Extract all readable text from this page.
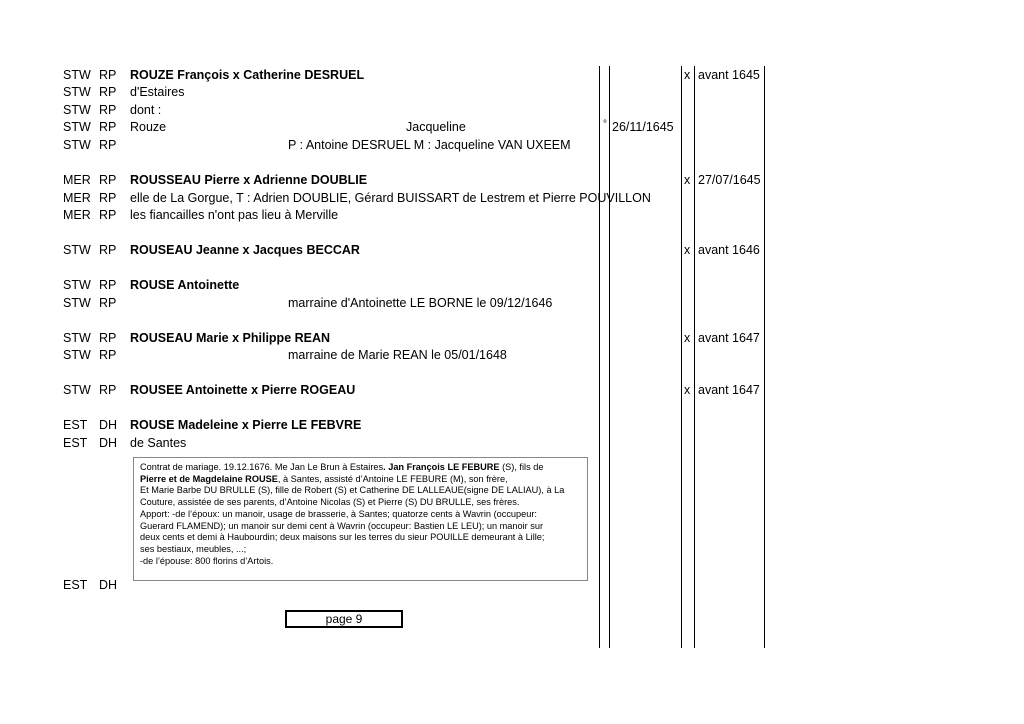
STW RP ROUZE François x Catherine DESRUEL	x avant 1645
STW RP d'Estaires
STW RP dont :
STW RP Rouze	Jacqueline	° 26/11/1645
STW RP	P : Antoine DESRUEL M : Jacqueline VAN UXEEM
MER RP ROUSSEAU Pierre x Adrienne DOUBLIE	x 27/07/1645
MER RP elle de La Gorgue, T : Adrien DOUBLIE, Gérard BUISSART de Lestrem et Pierre POUVILLON
MER RP les fiancailles n'ont pas lieu à Merville
STW RP ROUSEAU Jeanne x Jacques BECCAR	x avant 1646
STW RP ROUSE Antoinette
STW RP	marraine d'Antoinette LE BORNE le 09/12/1646
STW RP ROUSEAU Marie x Philippe REAN	x avant 1647
STW RP	marraine de Marie REAN le 05/01/1648
STW RP ROUSEE Antoinette x Pierre ROGEAU	x avant 1647
EST DH ROUSE Madeleine x Pierre LE FEBVRE
EST DH de Santes
Contrat de mariage. 19.12.1676. Me Jan Le Brun à Estaires. Jan François LE FEBURE (S), fils de
Pierre et de Magdelaine ROUSE, à Santes, assisté d’Antoine LE FEBURE (M), son frère,
Et Marie Barbe DU BRULLE (S), fille de Robert (S) et Catherine DE LALLEAUE(signe DE LALIAU), à La
Couture, assistée de ses parents, d’Antoine Nicolas (S) et Pierre (S) DU BRULLE, ses frères.
Apport: -de l’époux: un manoir, usage de brasserie, à Santes; quatorze cents à Wavrin (occupeur:
Guerard FLAMEND); un manoir sur demi cent à Wavrin (occupeur: Bastien LE LEU); un manoir sur
deux cents et demi à Haubourdin; deux maisons sur les terres du sieur POUILLE demeurant à Lille;
ses bestiaux, meubles, ...;
-de l’épouse: 800 florins d’Artois.
EST DH
page 9
